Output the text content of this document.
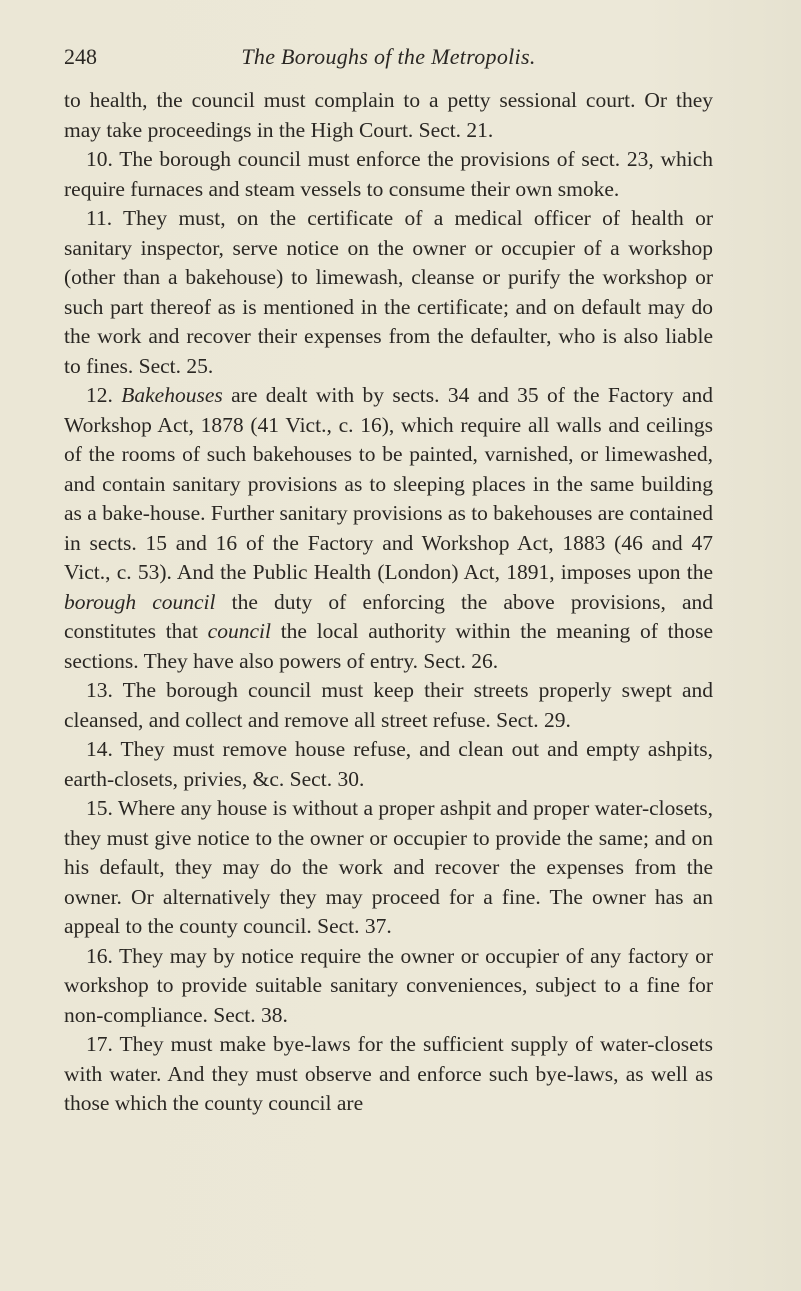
248	The Boroughs of the Metropolis.

to health, the council must complain to a petty sessional court. Or they may take proceedings in the High Court. Sect. 21.

10. The borough council must enforce the provisions of sect. 23, which require furnaces and steam vessels to consume their own smoke.

11. They must, on the certificate of a medical officer of health or sanitary inspector, serve notice on the owner or occupier of a workshop (other than a bakehouse) to limewash, cleanse or purify the workshop or such part thereof as is mentioned in the certificate; and on default may do the work and recover their expenses from the defaulter, who is also liable to fines. Sect. 25.

12. Bakehouses are dealt with by sects. 34 and 35 of the Factory and Workshop Act, 1878 (41 Vict., c. 16), which require all walls and ceilings of the rooms of such bakehouses to be painted, varnished, or limewashed, and contain sanitary provisions as to sleeping places in the same building as a bake-house. Further sanitary provisions as to bakehouses are contained in sects. 15 and 16 of the Factory and Workshop Act, 1883 (46 and 47 Vict., c. 53). And the Public Health (London) Act, 1891, imposes upon the borough council the duty of enforcing the above provisions, and constitutes that council the local authority within the meaning of those sections. They have also powers of entry. Sect. 26.

13. The borough council must keep their streets properly swept and cleansed, and collect and remove all street refuse. Sect. 29.

14. They must remove house refuse, and clean out and empty ashpits, earth-closets, privies, &c. Sect. 30.

15. Where any house is without a proper ashpit and proper water-closets, they must give notice to the owner or occupier to provide the same; and on his default, they may do the work and recover the expenses from the owner. Or alternatively they may proceed for a fine. The owner has an appeal to the county council. Sect. 37.

16. They may by notice require the owner or occupier of any factory or workshop to provide suitable sanitary conveniences, subject to a fine for non-compliance. Sect. 38.

17. They must make bye-laws for the sufficient supply of water-closets with water. And they must observe and enforce such bye-laws, as well as those which the county council are
